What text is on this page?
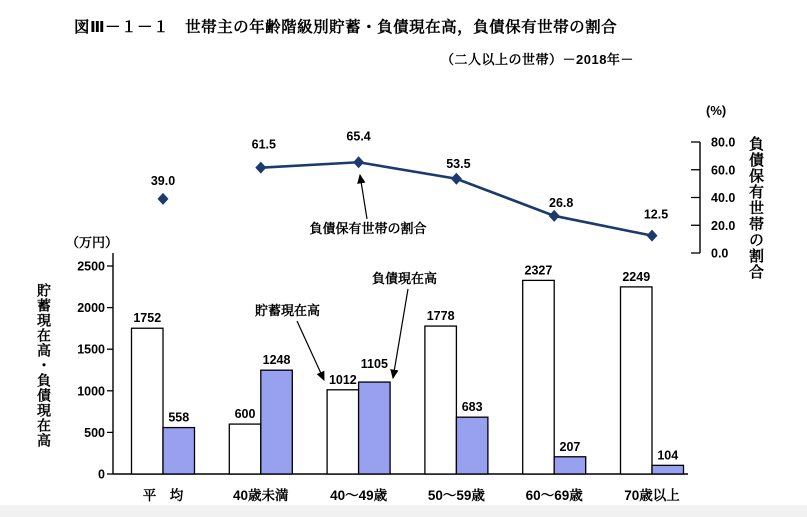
図Ⅲ－１－１　世帯主の年齢階級別貯蓄・負債現在高，負債保有世帯の割合
（二人以上の世帯）－2018年－
（万円）
(%)
貯蓄現在高・負債現在高
負債保有世帯の割合
2500
2000
1500
1000
500
0
1752
558
平　均
600
1248
40歳未満
1012
1105
40～49歳
1778
683
50～59歳
2327
207
60～69歳
2249
104
70歳以上
80.0
60.0
40.0
20.0
0.0
39.0
61.5
65.4
53.5
26.8
12.5
負債保有世帯の割合
貯蓄現在高
負債現在高
